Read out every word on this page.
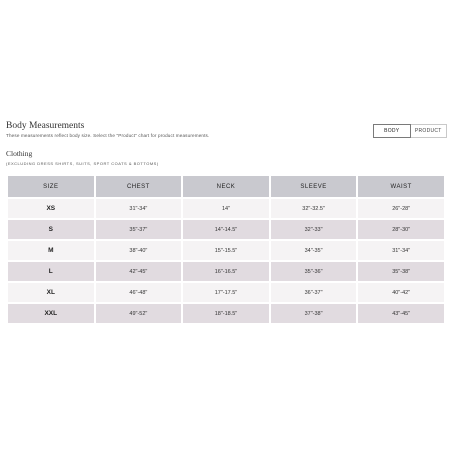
Body Measurements
These measurements reflect body size. Select the "Product" chart for product measurements.
BODY	PRODUCT
Clothing
(EXCLUDING DRESS SHIRTS, SUITS, SPORT COATS & BOTTOMS)
SIZE	CHEST	NECK	SLEEVE	WAIST
XS	31"-34"	14"	32"-32.5"	26"-28"
S	35"-37"	14"-14.5"	32"-33"	28"-30"
M	38"-40"	15"-15.5"	34"-35"	31"-34"
L	42"-45"	16"-16.5"	35"-36"	35"-38"
XL	46"-48"	17"-17.5"	36"-37"	40"-42"
XXL	49"-52"	18"-18.5"	37"-38"	43"-45"
